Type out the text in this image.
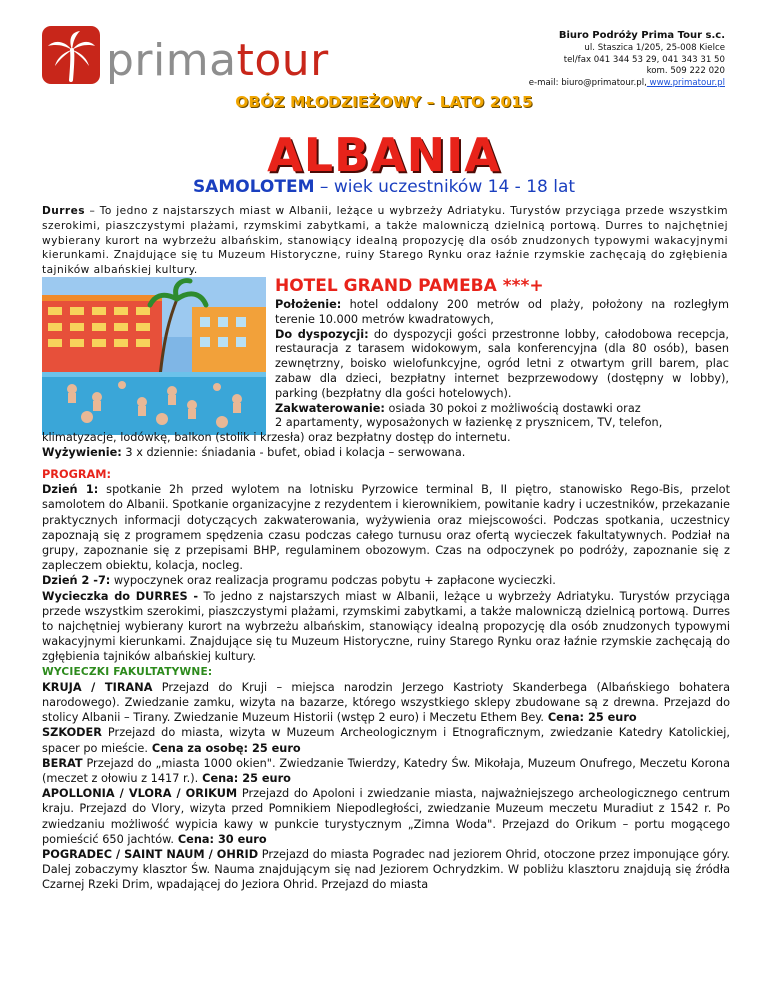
primatour	Biuro Podróży Prima Tour s.c.
ul. Staszica 1/205, 25-008 Kielce
tel/fax 041 344 53 29, 041 343 31 50
kom. 509 222 020
e-mail: biuro@primatour.pl, www.primatour.pl
OBÓZ MŁODZIEŻOWY – LATO 2015
ALBANIA
SAMOLOTEM – wiek uczestników 14 - 18 lat

Durres – To jedno z najstarszych miast w Albanii, leżące u wybrzeży Adriatyku. Turystów przyciąga przede wszystkim szerokimi, piaszczystymi plażami, rzymskimi zabytkami, a także malowniczą dzielnicą portową. Durres to najchętniej wybierany kurort na wybrzeżu albańskim, stanowiący idealną propozycję dla osób znudzonych typowymi wakacyjnymi kierunkami. Znajdujące się tu Muzeum Historyczne, ruiny Starego Rynku oraz łaźnie rzymskie zachęcają do zgłębienia tajników albańskiej kultury.

HOTEL GRAND PAMEBA ***+

Położenie: hotel oddalony 200 metrów od plaży, położony na rozległym terenie 10.000 metrów kwadratowych,

Do dyspozycji: do dyspozycji gości przestronne lobby, całodobowa recepcja, restauracja z tarasem widokowym, sala konferencyjna (dla 80 osób), basen zewnętrzny, boisko wielofunkcyjne, ogród letni z otwartym grill barem, plac zabaw dla dzieci, bezpłatny internet bezprzewodowy (dostępny w lobby), parking (bezpłatny dla gości hotelowych).

Zakwaterowanie: osiada 30 pokoi z możliwością dostawki oraz

2 apartamenty, wyposażonych w łazienkę z prysznicem, TV, telefon,

klimatyzacje, lodówkę, balkon (stolik i krzesła) oraz bezpłatny dostęp do internetu.

Wyżywienie: 3 x dziennie: śniadania - bufet, obiad i kolacja – serwowana.

PROGRAM:

Dzień 1: spotkanie 2h przed wylotem na lotnisku Pyrzowice terminal B, II piętro, stanowisko Rego-Bis, przelot samolotem do Albanii. Spotkanie organizacyjne z rezydentem i kierownikiem, powitanie kadry i uczestników, przekazanie praktycznych informacji dotyczących zakwaterowania, wyżywienia oraz miejscowości. Podczas spotkania, uczestnicy zapoznają się z programem spędzenia czasu podczas całego turnusu oraz ofertą wycieczek fakultatywnych. Podział na grupy, zapoznanie się z przepisami BHP, regulaminem obozowym. Czas na odpoczynek po podróży, zapoznanie się z zapleczem obiektu, kolacja, nocleg.

Dzień 2 -7: wypoczynek oraz realizacja programu podczas pobytu + zapłacone wycieczki.

Wycieczka do DURRES - To jedno z najstarszych miast w Albanii, leżące u wybrzeży Adriatyku. Turystów przyciąga przede wszystkim szerokimi, piaszczystymi plażami, rzymskimi zabytkami, a także malowniczą dzielnicą portową. Durres to najchętniej wybierany kurort na wybrzeżu albańskim, stanowiący idealną propozycję dla osób znudzonych typowymi wakacyjnymi kierunkami. Znajdujące się tu Muzeum Historyczne, ruiny Starego Rynku oraz łaźnie rzymskie zachęcają do zgłębienia tajników albańskiej kultury.

WYCIECZKI FAKULTATYWNE:

KRUJA / TIRANA Przejazd do Kruji – miejsca narodzin Jerzego Kastrioty Skanderbega (Albańskiego bohatera narodowego). Zwiedzanie zamku, wizyta na bazarze, którego wszystkiego sklepy zbudowane są z drewna. Przejazd do stolicy Albanii – Tirany. Zwiedzanie Muzeum Historii (wstęp 2 euro) i Meczetu Ethem Bey. Cena: 25 euro

SZKODER Przejazd do miasta, wizyta w Muzeum Archeologicznym i Etnograficznym, zwiedzanie Katedry Katolickiej, spacer po mieście. Cena za osobę: 25 euro

BERAT Przejazd do „miasta 1000 okien". Zwiedzanie Twierdzy, Katedry Św. Mikołaja, Muzeum Onufrego, Meczetu Korona (meczet z ołowiu z 1417 r.). Cena: 25 euro

APOLLONIA / VLORA / ORIKUM Przejazd do Apoloni i zwiedzanie miasta, najważniejszego archeologicznego centrum kraju. Przejazd do Vlory, wizyta przed Pomnikiem Niepodległości, zwiedzanie Muzeum meczetu Muradiut z 1542 r. Po zwiedzaniu możliwość wypicia kawy w punkcie turystycznym „Zimna Woda". Przejazd do Orikum – portu mogącego pomieścić 650 jachtów. Cena: 30 euro

POGRADEC / SAINT NAUM / OHRID Przejazd do miasta Pogradec nad jeziorem Ohrid, otoczone przez imponujące góry. Dalej zobaczymy klasztor Św. Nauma znajdującym się nad Jeziorem Ochrydzkim. W pobliżu klasztoru znajdują się źródła Czarnej Rzeki Drim, wpadającej do Jeziora Ohrid. Przejazd do miasta
